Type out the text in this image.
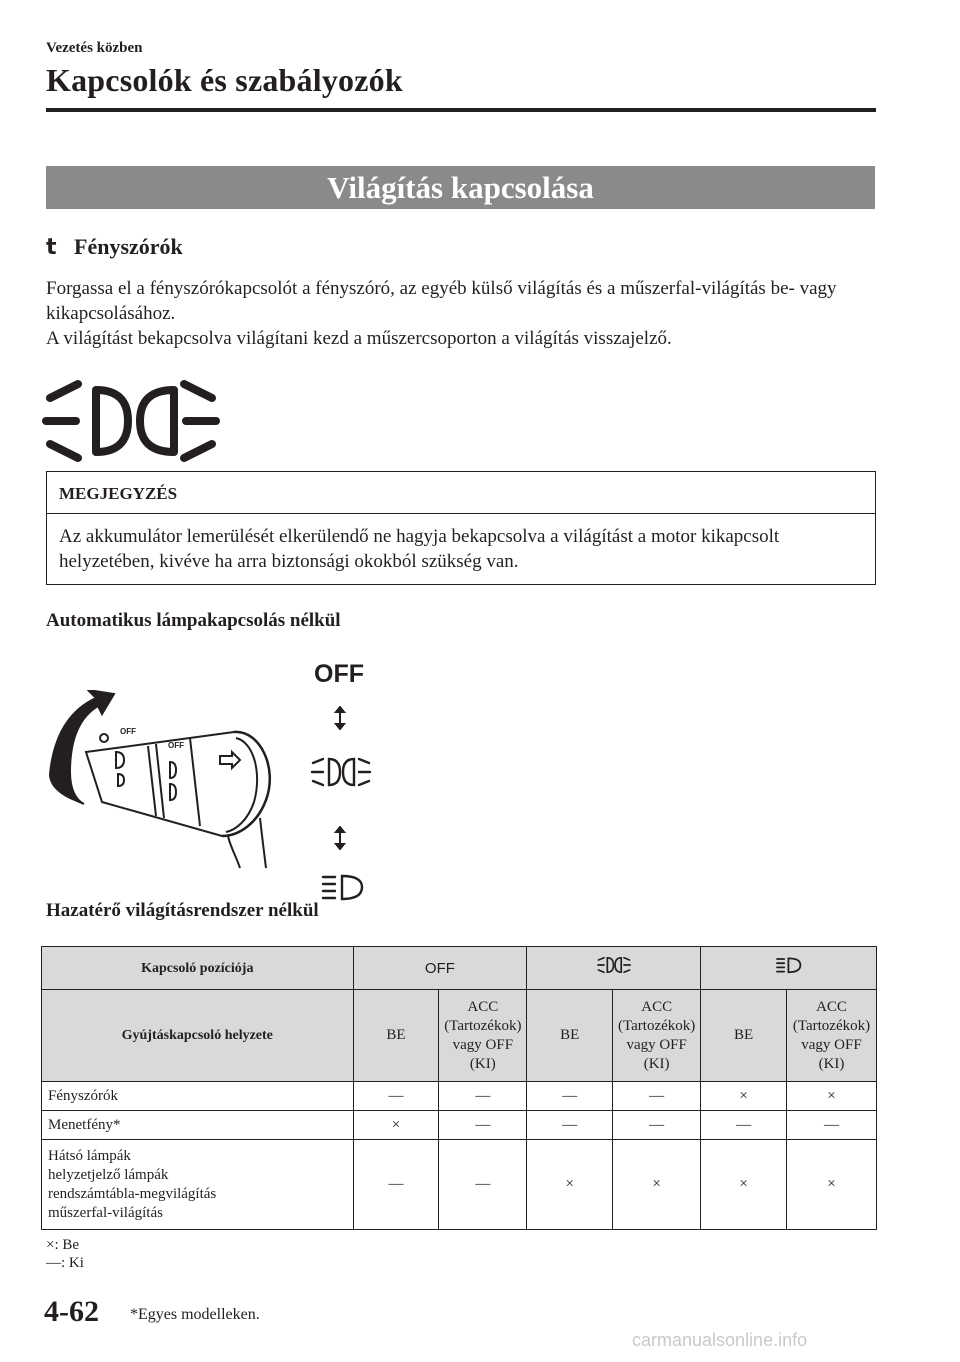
Vezetés közben
Kapcsolók és szabályozók
Világítás kapcsolása
t Fényszórók
Forgassa el a fényszórókapcsolót a fényszóró, az egyéb külső világítás és a műszerfal-világítás be- vagy kikapcsolásához.
A világítást bekapcsolva világítani kezd a műszercsoporton a világítás visszajelző.
MEGJEGYZÉS
Az akkumulátor lemerülését elkerülendő ne hagyja bekapcsolva a világítást a motor kikapcsolt helyzetében, kivéve ha arra biztonsági okokból szükség van.
Automatikus lámpakapcsolás nélkül
OFF
OFF
OFF
Hazatérő világításrendszer nélkül
Kapcsoló pozíciója	OFF		
Gyújtáskapcsoló helyzete	BE	ACC (Tartozékok) vagy OFF (KI)	BE	ACC (Tartozékok) vagy OFF (KI)	BE	ACC (Tartozékok) vagy OFF (KI)
Fényszórók	—	—	—	—	×	×
Menetfény*	×	—	—	—	—	—
Hátsó lámpák
helyzetjelző lámpák
rendszámtábla-megvilágítás
műszerfal-világítás	—	—	×	×	×	×
×: Be
—: Ki
4-62 *Egyes modelleken.
carmanualsonline.info
